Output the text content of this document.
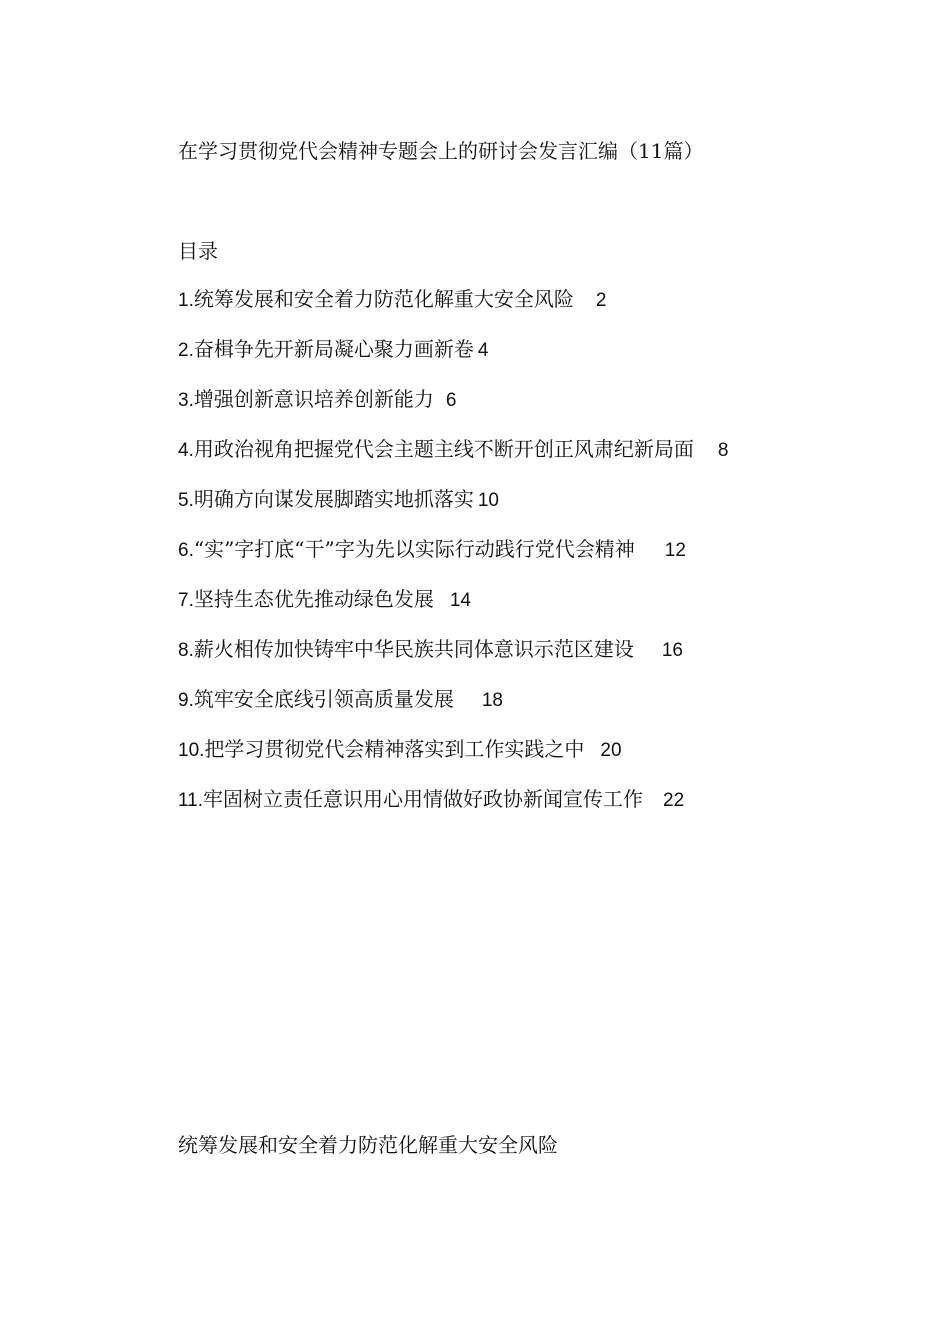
在学习贯彻党代会精神专题会上的研讨会发言汇编（11篇）
目录
1.统筹发展和安全着力防范化解重大安全风险 2
2.奋楫争先开新局凝心聚力画新卷 4
3.增强创新意识培养创新能力 6
4.用政治视角把握党代会主题主线不断开创正风肃纪新局面 8
5.明确方向谋发展脚踏实地抓落实 10
6.“实”字打底“干”字为先以实际行动践行党代会精神 12
7.坚持生态优先推动绿色发展 14
8.薪火相传加快铸牢中华民族共同体意识示范区建设 16
9.筑牢安全底线引领高质量发展 18
10.把学习贯彻党代会精神落实到工作实践之中 20
11.牢固树立责任意识用心用情做好政协新闻宣传工作 22
统筹发展和安全着力防范化解重大安全风险
